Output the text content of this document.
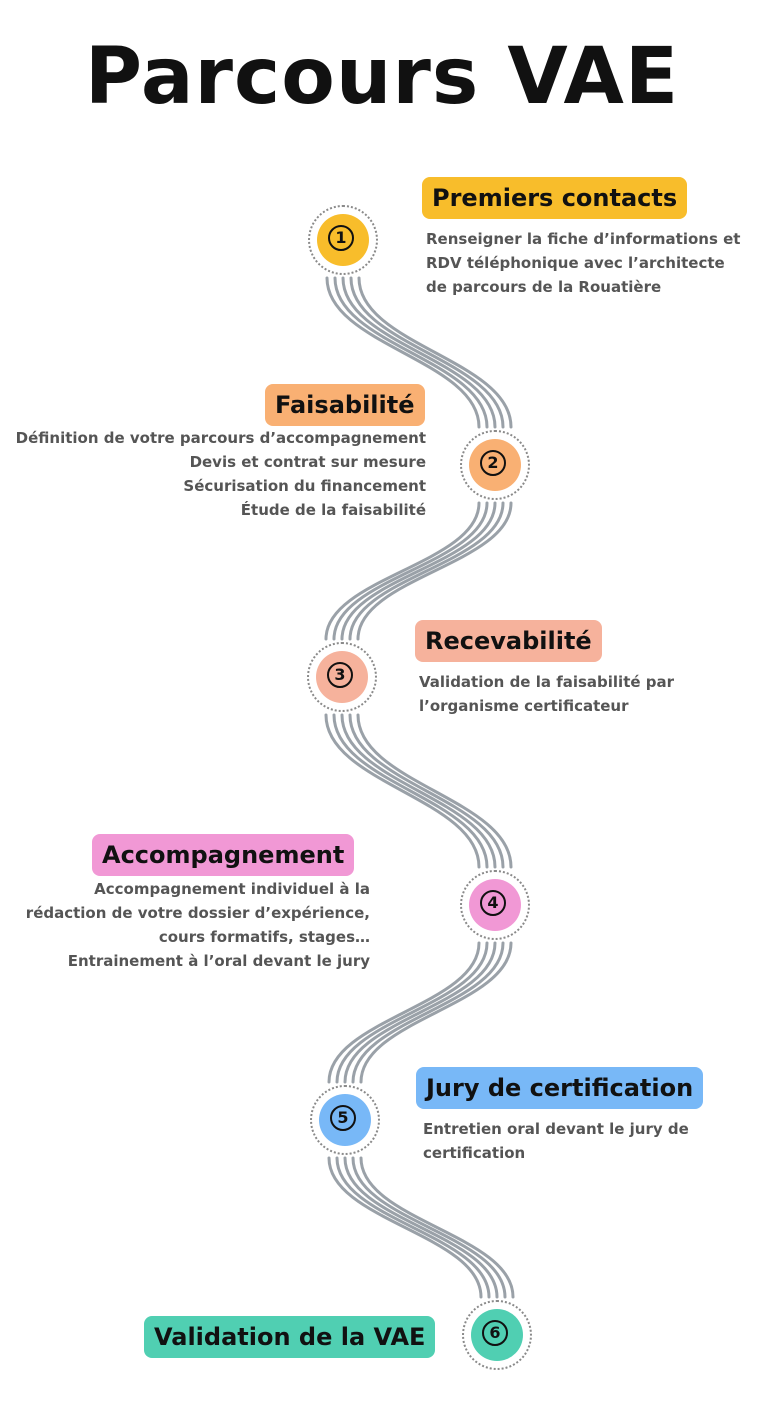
Parcours VAE
1
Premiers contacts
Renseigner la fiche d’informations et
RDV téléphonique avec l’architecte
de parcours de la Rouatière
2
Faisabilité
Définition de votre parcours d’accompagnement
Devis et contrat sur mesure
Sécurisation du financement
Étude de la faisabilité
3
Recevabilité
Validation de la faisabilité par
l’organisme certificateur
4
Accompagnement
Accompagnement individuel à la
rédaction de votre dossier d’expérience,
cours formatifs, stages…
Entrainement à l’oral devant le jury
5
Jury de certification
Entretien oral devant le jury de
certification
6
Validation de la VAE
